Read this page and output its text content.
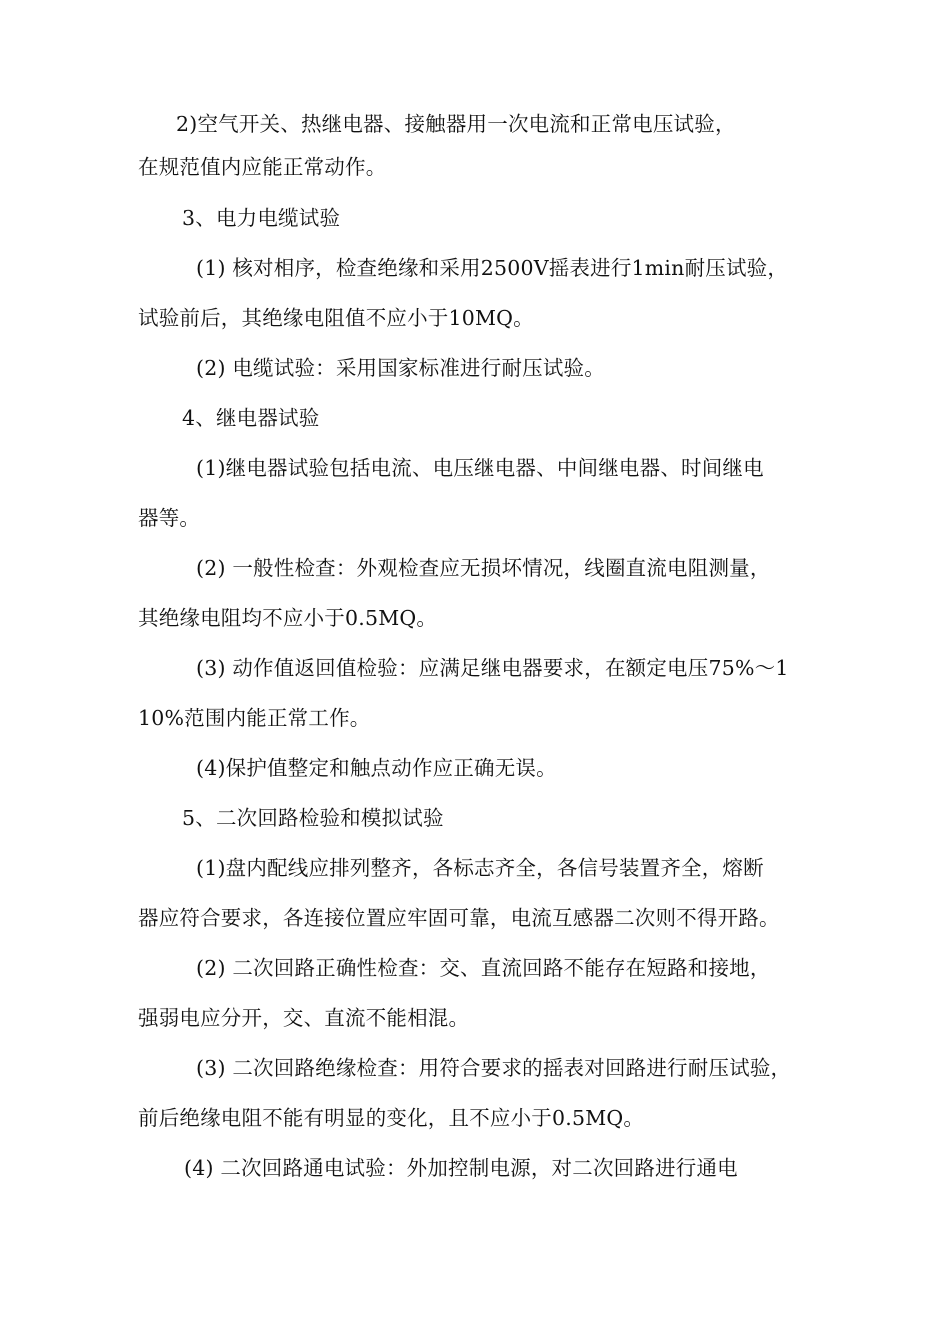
2)空气开关、热继电器、接触器用一次电流和正常电压试验，
在规范值内应能正常动作。
3、电力电缆试验
(1) 核对相序，检查绝缘和采用2500V摇表进行1min耐压试验，
试验前后，其绝缘电阻值不应小于10MQ。
(2) 电缆试验：采用国家标准进行耐压试验。
4、继电器试验
(1)继电器试验包括电流、电压继电器、中间继电器、时间继电
器等。
(2) 一般性检查：外观检查应无损坏情况，线圈直流电阻测量，
其绝缘电阻均不应小于0.5MQ。
(3) 动作值返回值检验：应满足继电器要求，在额定电压75%〜1
10%范围内能正常工作。
(4)保护值整定和触点动作应正确无误。
5、二次回路检验和模拟试验
(1)盘内配线应排列整齐，各标志齐全，各信号装置齐全，熔断
器应符合要求，各连接位置应牢固可靠，电流互感器二次则不得开路。
(2) 二次回路正确性检查：交、直流回路不能存在短路和接地，
强弱电应分开，交、直流不能相混。
(3) 二次回路绝缘检查：用符合要求的摇表对回路进行耐压试验，
前后绝缘电阻不能有明显的变化，且不应小于0.5MQ。
(4) 二次回路通电试验：外加控制电源，对二次回路进行通电
